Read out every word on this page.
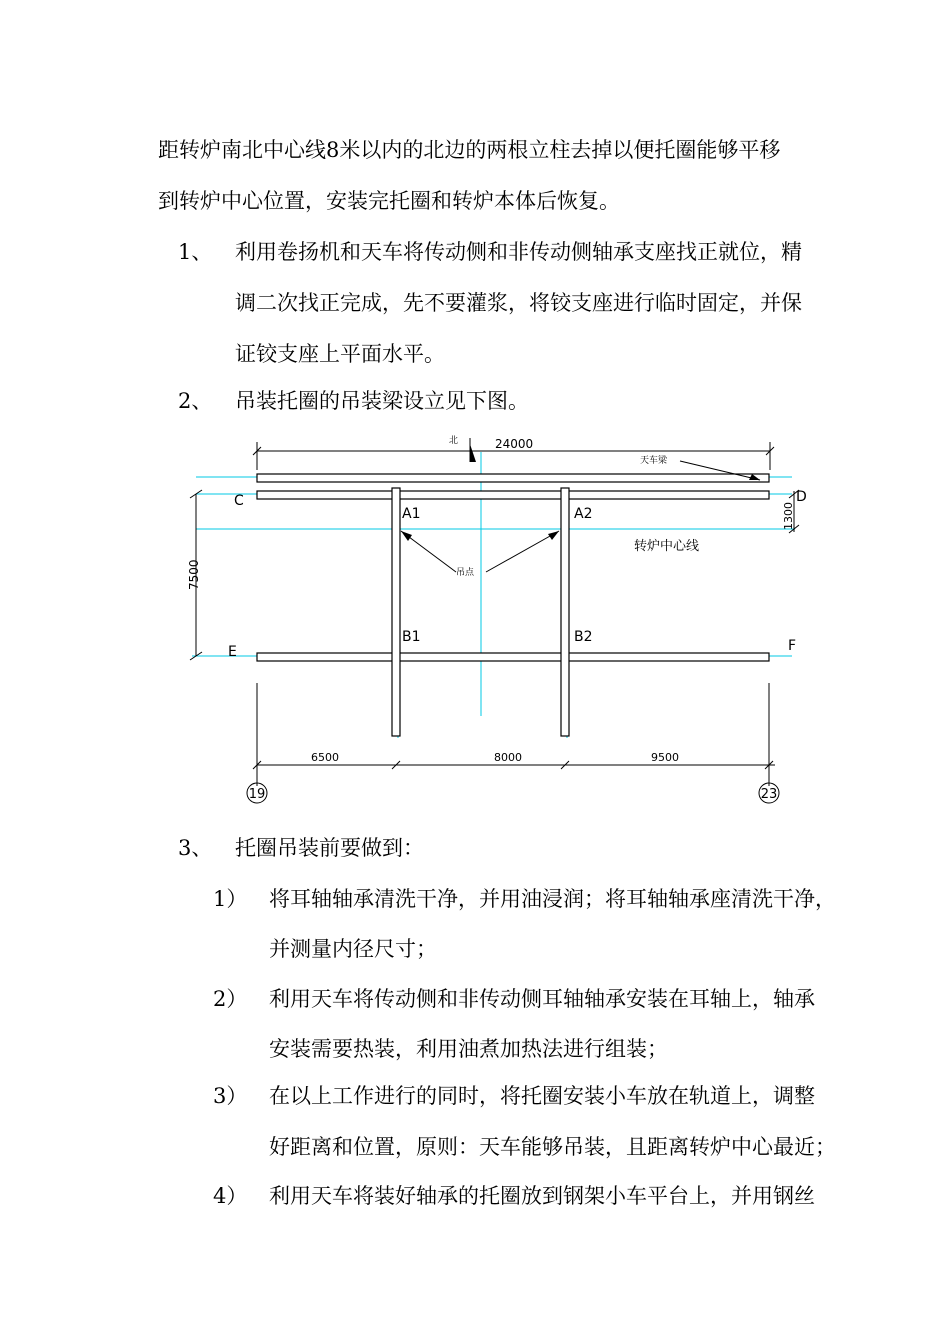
距转炉南北中心线8米以内的北边的两根立柱去掉以便托圈能够平移
到转炉中心位置，安装完托圈和转炉本体后恢复。
1、 利用卷扬机和天车将传动侧和非传动侧轴承支座找正就位，精
调二次找正完成，先不要灌浆，将铰支座进行临时固定，并保
证铰支座上平面水平。
2、 吊装托圈的吊装梁设立见下图。
24000
北
天车梁
吊点
转炉中心线
C	D
E	F
A1	A2
B1	B2
7500
1300
6500	8000	9500
19	23
3、 托圈吊装前要做到：
1） 将耳轴轴承清洗干净，并用油浸润；将耳轴轴承座清洗干净，
并测量内径尺寸；
2） 利用天车将传动侧和非传动侧耳轴轴承安装在耳轴上，轴承
安装需要热装，利用油煮加热法进行组装；
3） 在以上工作进行的同时，将托圈安装小车放在轨道上，调整
好距离和位置，原则：天车能够吊装，且距离转炉中心最近；
4） 利用天车将装好轴承的托圈放到钢架小车平台上，并用钢丝
